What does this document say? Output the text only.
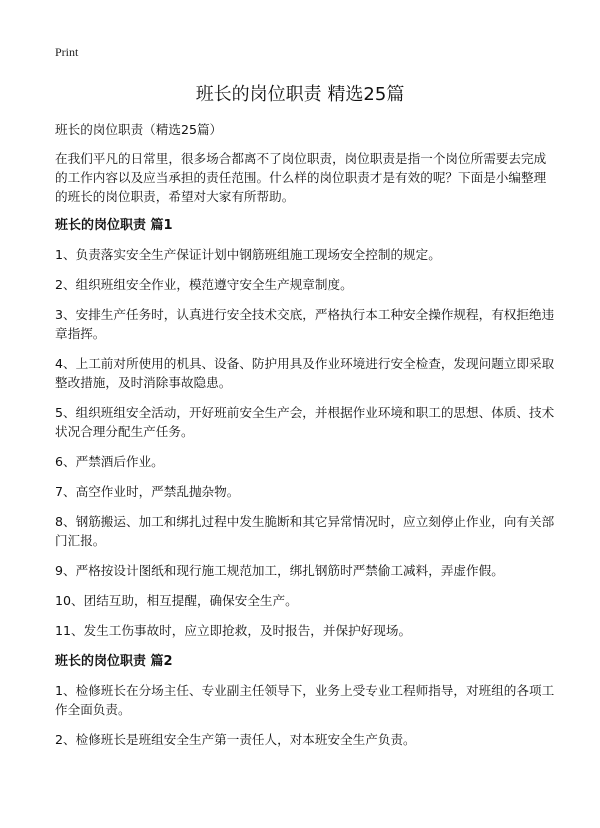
Print
班长的岗位职责 精选25篇

班长的岗位职责（精选25篇）

在我们平凡的日常里，很多场合都离不了岗位职责，岗位职责是指一个岗位所需要去完成的工作内容以及应当承担的责任范围。什么样的岗位职责才是有效的呢？下面是小编整理的班长的岗位职责，希望对大家有所帮助。

班长的岗位职责 篇1

1、负责落实安全生产保证计划中钢筋班组施工现场安全控制的规定。

2、组织班组安全作业，模范遵守安全生产规章制度。

3、安排生产任务时，认真进行安全技术交底，严格执行本工种安全操作规程，有权拒绝违章指挥。

4、上工前对所使用的机具、设备、防护用具及作业环境进行安全检查，发现问题立即采取整改措施，及时消除事故隐患。

5、组织班组安全活动，开好班前安全生产会，并根据作业环境和职工的思想、体质、技术状况合理分配生产任务。

6、严禁酒后作业。

7、高空作业时，严禁乱抛杂物。

8、钢筋搬运、加工和绑扎过程中发生脆断和其它异常情况时，应立刻停止作业，向有关部门汇报。

9、严格按设计图纸和现行施工规范加工，绑扎钢筋时严禁偷工减料，弄虚作假。

10、团结互助，相互提醒，确保安全生产。

11、发生工伤事故时，应立即抢救，及时报告，并保护好现场。

班长的岗位职责 篇2

1、检修班长在分场主任、专业副主任领导下，业务上受专业工程师指导，对班组的各项工作全面负责。

2、检修班长是班组安全生产第一责任人，对本班安全生产负责。
